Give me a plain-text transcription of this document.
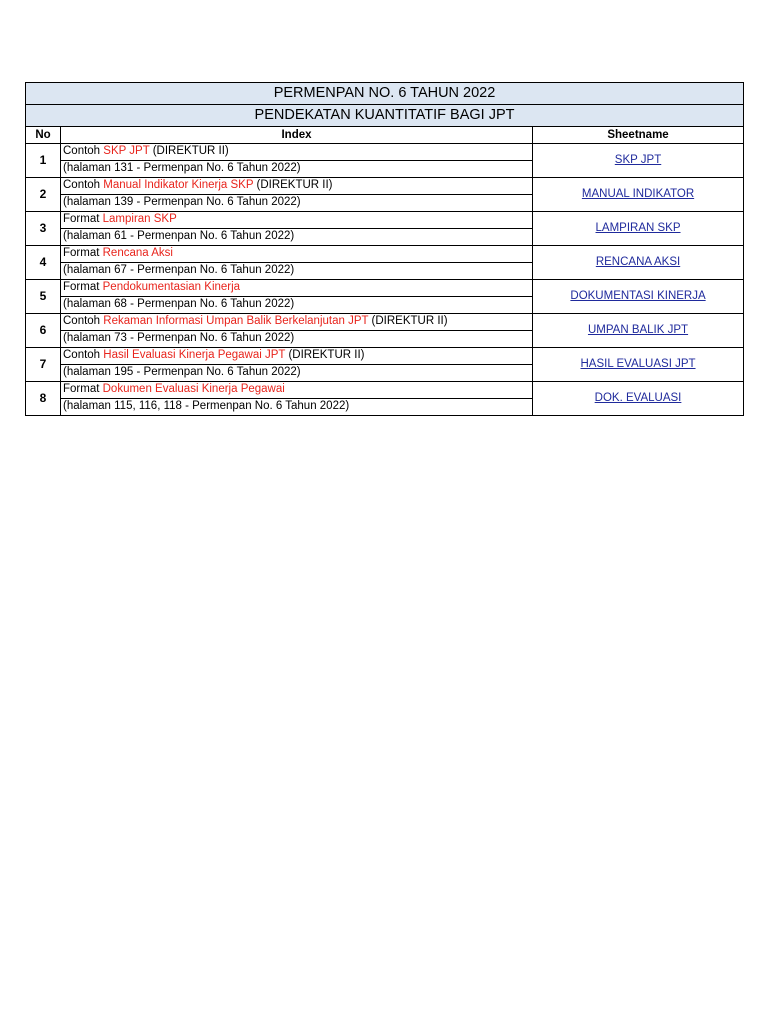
PERMENPAN NO. 6 TAHUN 2022		
PENDEKATAN KUANTITATIF BAGI JPT		
No	Index	Sheetname
1	Contoh SKP JPT (DIREKTUR II)	SKP JPT
	(halaman 131 - Permenpan No. 6 Tahun 2022)	
2	Contoh Manual Indikator Kinerja SKP (DIREKTUR II)	MANUAL INDIKATOR
	(halaman 139 - Permenpan No. 6 Tahun 2022)	
3	Format Lampiran SKP	LAMPIRAN SKP
	(halaman 61 - Permenpan No. 6 Tahun 2022)	
4	Format Rencana Aksi	RENCANA AKSI
	(halaman 67 - Permenpan No. 6 Tahun 2022)	
5	Format Pendokumentasian Kinerja	DOKUMENTASI KINERJA
	(halaman 68 - Permenpan No. 6 Tahun 2022)	
6	Contoh Rekaman Informasi Umpan Balik Berkelanjutan JPT (DIREKTUR II)	UMPAN BALIK JPT
	(halaman 73 - Permenpan No. 6 Tahun 2022)	
7	Contoh Hasil Evaluasi Kinerja Pegawai JPT (DIREKTUR II)	HASIL EVALUASI JPT
	(halaman 195 - Permenpan No. 6 Tahun 2022)	
8	Format Dokumen Evaluasi Kinerja Pegawai	DOK. EVALUASI
	(halaman 115, 116, 118 - Permenpan No. 6 Tahun 2022)	
